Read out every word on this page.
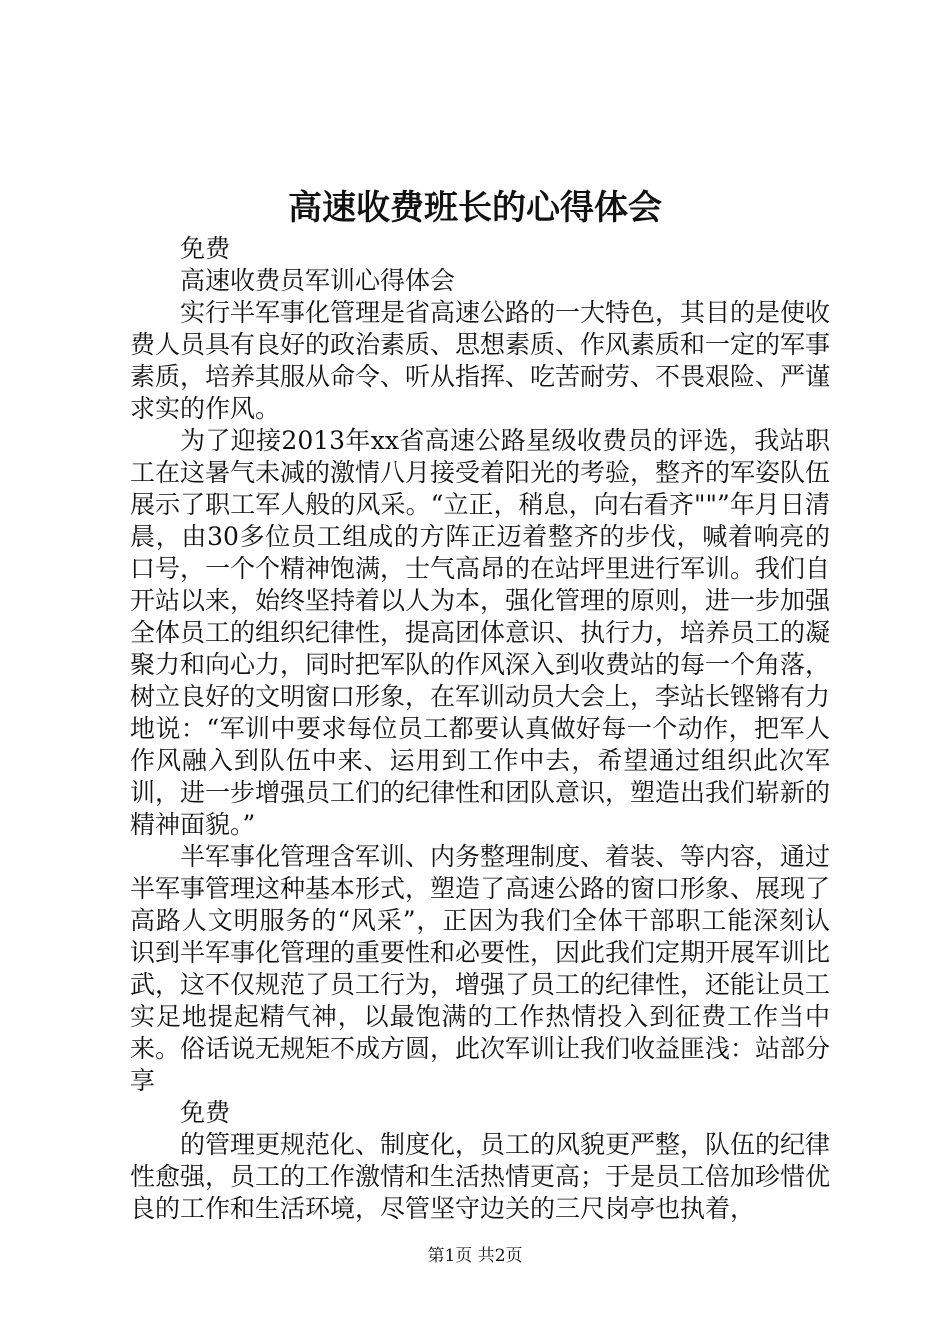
高速收费班长的心得体会

免费

高速收费员军训心得体会

实行半军事化管理是省高速公路的一大特色，其目的是使收费人员具有良好的政治素质、思想素质、作风素质和一定的军事素质，培养其服从命令、听从指挥、吃苦耐劳、不畏艰险、严谨求实的作风。

为了迎接2013年xx省高速公路星级收费员的评选，我站职工在这暑气未减的激情八月接受着阳光的考验，整齐的军姿队伍展示了职工军人般的风采。“立正，稍息，向右看齐""”年月日清晨，由30多位员工组成的方阵正迈着整齐的步伐，喊着响亮的口号，一个个精神饱满，士气高昂的在站坪里进行军训。我们自开站以来，始终坚持着以人为本，强化管理的原则，进一步加强全体员工的组织纪律性，提高团体意识、执行力，培养员工的凝聚力和向心力，同时把军队的作风深入到收费站的每一个角落，树立良好的文明窗口形象，在军训动员大会上，李站长铿锵有力地说：“军训中要求每位员工都要认真做好每一个动作，把军人作风融入到队伍中来、运用到工作中去，希望通过组织此次军训，进一步增强员工们的纪律性和团队意识，塑造出我们崭新的精神面貌。”

半军事化管理含军训、内务整理制度、着装、等内容，通过半军事管理这种基本形式，塑造了高速公路的窗口形象、展现了高路人文明服务的“风采”，正因为我们全体干部职工能深刻认识到半军事化管理的重要性和必要性，因此我们定期开展军训比武，这不仅规范了员工行为，增强了员工的纪律性，还能让员工实足地提起精气神，以最饱满的工作热情投入到征费工作当中来。俗话说无规矩不成方圆，此次军训让我们收益匪浅：站部分享

免费

的管理更规范化、制度化，员工的风貌更严整，队伍的纪律性愈强，员工的工作激情和生活热情更高；于是员工倍加珍惜优良的工作和生活环境，尽管坚守边关的三尺岗亭也执着，

第1页 共2页
